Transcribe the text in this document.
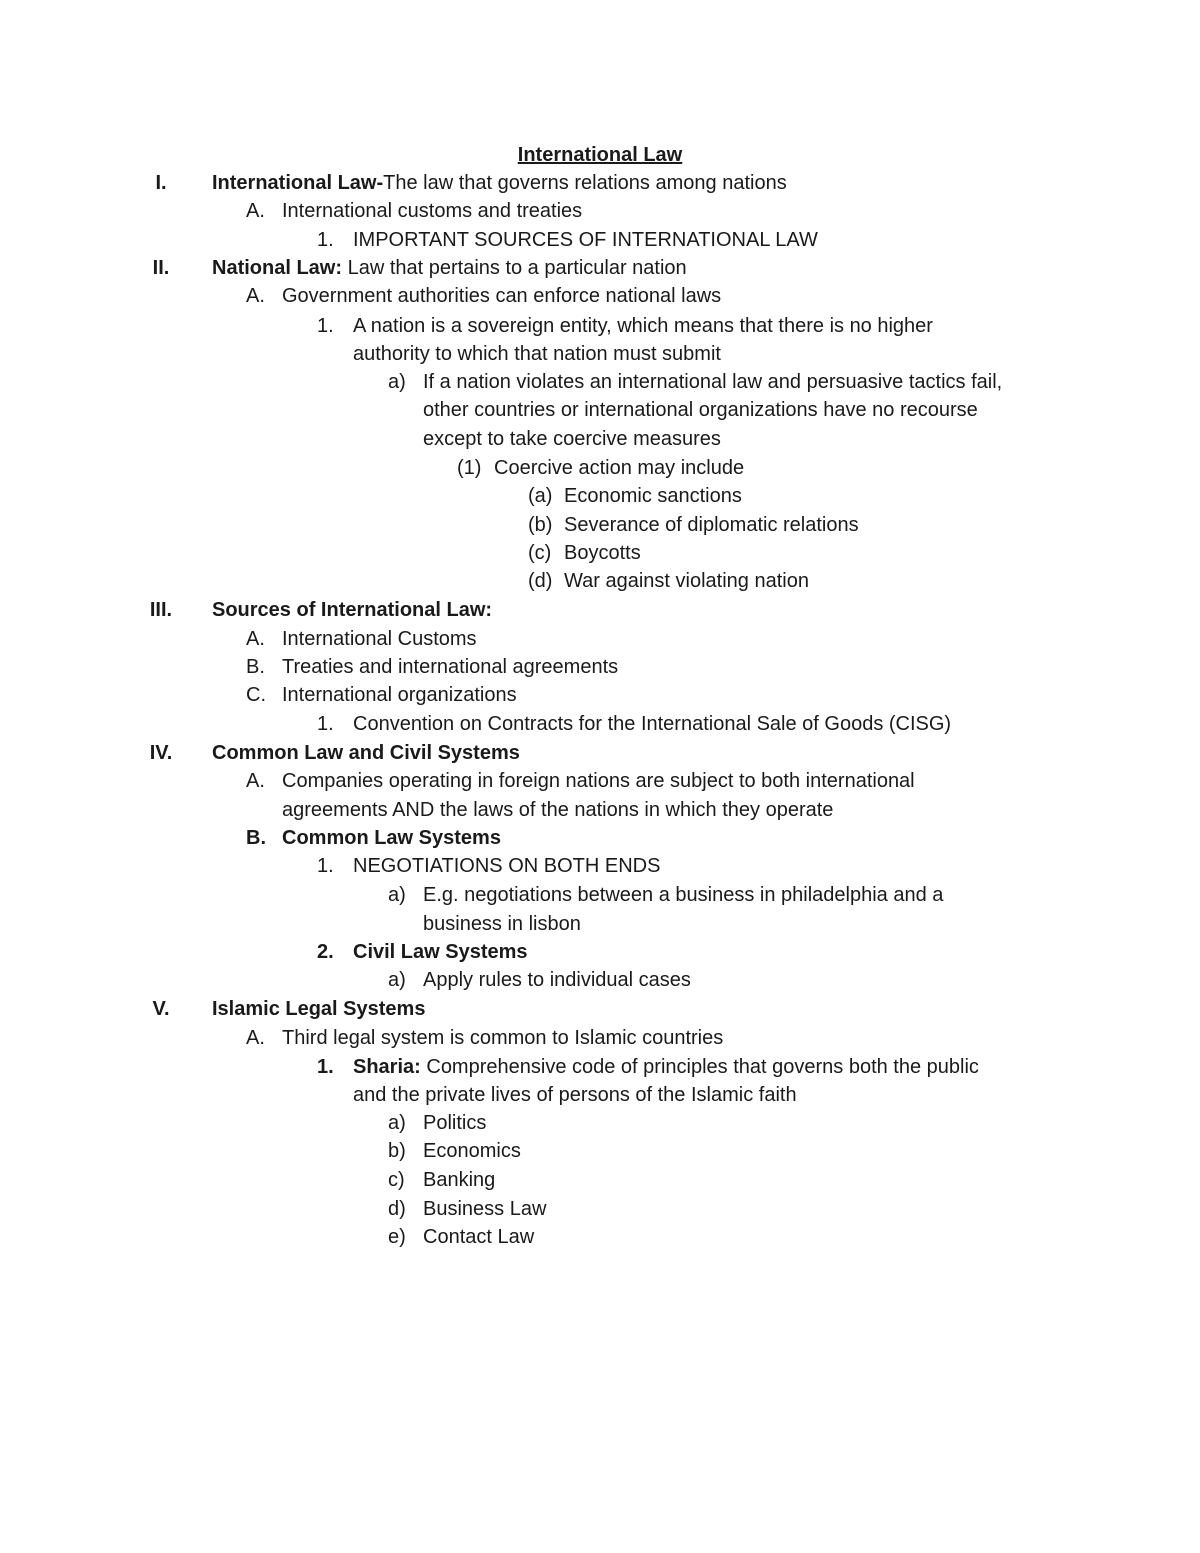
International Law
I.	International Law-The law that governs relations among nations
A. International customs and treaties
1. IMPORTANT SOURCES OF INTERNATIONAL LAW
II.	National Law: Law that pertains to a particular nation
A. Government authorities can enforce national laws
1. A nation is a sovereign entity, which means that there is no higher
authority to which that nation must submit
a) If a nation violates an international law and persuasive tactics fail,
other countries or international organizations have no recourse
except to take coercive measures
(1) Coercive action may include
(a) Economic sanctions
(b) Severance of diplomatic relations
(c) Boycotts
(d) War against violating nation
III.	Sources of International Law:
A. International Customs
B. Treaties and international agreements
C. International organizations
1. Convention on Contracts for the International Sale of Goods (CISG)
IV.	Common Law and Civil Systems
A. Companies operating in foreign nations are subject to both international
agreements AND the laws of the nations in which they operate
B. Common Law Systems
1. NEGOTIATIONS ON BOTH ENDS
a) E.g. negotiations between a business in philadelphia and a
business in lisbon
2. Civil Law Systems
a) Apply rules to individual cases
V.	Islamic Legal Systems
A. Third legal system is common to Islamic countries
1. Sharia: Comprehensive code of principles that governs both the public
and the private lives of persons of the Islamic faith
a) Politics
b) Economics
c) Banking
d) Business Law
e) Contact Law
